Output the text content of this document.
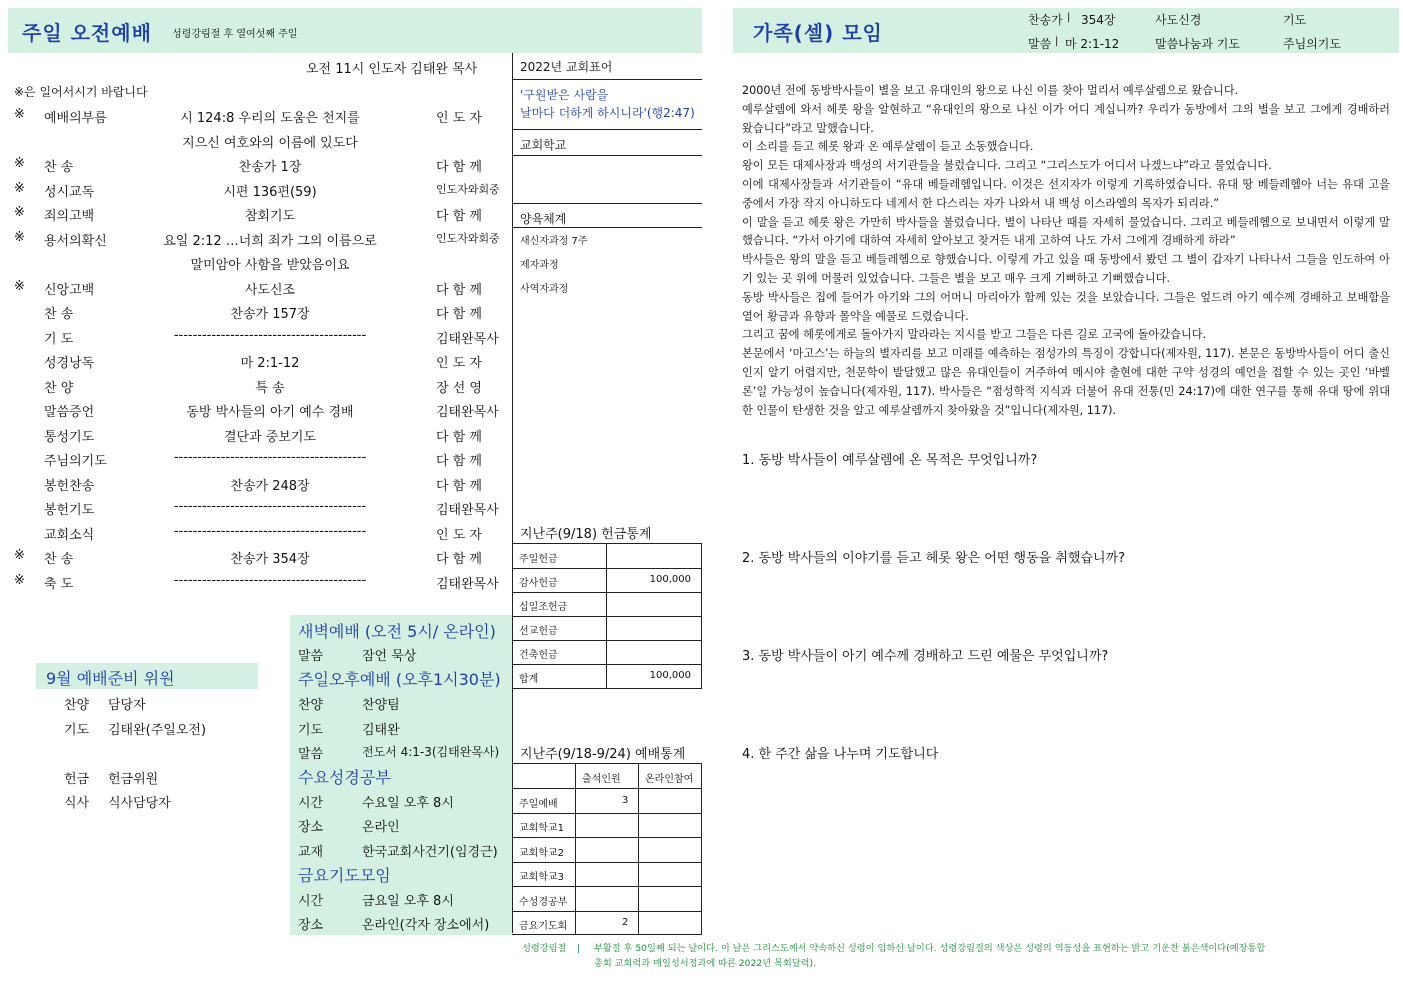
주일 오전예배 성령강림절 후 열여섯째 주일
오전 11시 인도자 김태완 목사
※은 일어서시기 바랍니다
※ 예배의부름	시 124:8 우리의 도움은 천지를	인 도 자
지으신 여호와의 이름에 있도다
※ 찬 송	찬송가 1장	다 함 께
※ 성시교독	시편 136편(59)	인도자와회중
※ 죄의고백	참회기도	다 함 께
※ 용서의확신	요일 2:12 …너희 죄가 그의 이름으로	인도자와회중
말미암아 사함을 받았음이요
※ 신앙고백	사도신조	다 함 께
찬 송	찬송가 157장	다 함 께
기 도	-----------------------------------------	김태완목사
성경낭독	마 2:1-12	인 도 자
찬 양	특 송	장 선 영
말씀증언	동방 박사들의 아기 예수 경배	김태완목사
통성기도	결단과 중보기도	다 함 께
주님의기도	-----------------------------------------	다 함 께
봉헌찬송	찬송가 248장	다 함 께
봉헌기도	-----------------------------------------	김태완목사
교회소식	-----------------------------------------	인 도 자
※ 찬 송	찬송가 354장	다 함 께
※ 축 도	-----------------------------------------	김태완목사
2022년 교회표어
'구원받은 사람을
날마다 더하게 하시니라'(행2:47)
교회학교
양육체계
새신자과정 7주
제자과정
사역자과정
지난주(9/18) 헌금통계
주일헌금
감사헌금	100,000
십일조헌금
선교헌금
건축헌금
합계	100,000
지난주(9/18-9/24) 예배통계
출석인원 온라인참여
주일예배	3
교회학교1
교회학교2
교회학교3
수성경공부
금요기도회	2
새벽예배 (오전 5시/ 온라인)
말씀	잠언 묵상
주일오후예배 (오후1시30분)
찬양	찬양팀
기도	김태완
말씀	전도서 4:1-3(김태완목사)
수요성경공부
시간	수요일 오후 8시
장소	온라인
교재	한국교회사건기(임경근)
금요기도모임
시간	금요일 오후 8시
장소	온라인(각자 장소에서)
9월 예배준비 위원
찬양 담당자
기도 김태완(주일오전)
헌금 헌금위원
식사 식사담당자
가족(셀) 모임
찬송가 | 354장	사도신경	기도
말씀 | 마 2:1-12	말씀나눔과 기도	주님의기도

2000년 전에 동방박사들이 별을 보고 유대인의 왕으로 나신 이를 찾아 멀리서 예루살렘으로 왔습니다.

예루살렘에 와서 헤롯 왕을 알현하고 “유대인의 왕으로 나신 이가 어디 계십니까? 우리가 동방에서 그의 별을 보고 그에게 경배하러 왔습니다”라고 말했습니다.

이 소리를 듣고 헤롯 왕과 온 예루살렘이 듣고 소동했습니다.

왕이 모든 대제사장과 백성의 서기관들을 불렀습니다. 그리고 “그리스도가 어디서 나겠느냐”라고 물었습니다.

이에 대제사장들과 서기관들이 “유대 베들레헴입니다. 이것은 선지자가 이렇게 기록하였습니다. 유대 땅 베들레헴아 너는 유대 고을 중에서 가장 작지 아니하도다 네게서 한 다스리는 자가 나와서 내 백성 이스라엘의 목자가 되리라.”

이 말을 듣고 헤롯 왕은 가만히 박사들을 불렀습니다. 별이 나타난 때를 자세히 물었습니다. 그리고 베들레헴으로 보내면서 이렇게 말했습니다. “가서 아기에 대하여 자세히 알아보고 찾거든 내게 고하여 나도 가서 그에게 경배하게 하라”

박사들은 왕의 말을 듣고 베들레헴으로 향했습니다. 이렇게 가고 있을 때 동방에서 봤던 그 별이 갑자기 나타나서 그들을 인도하여 아기 있는 곳 위에 머물러 있었습니다. 그들은 별을 보고 매우 크게 기뻐하고 기뻐했습니다.

동방 박사들은 집에 들어가 아기와 그의 어머니 마리아가 함께 있는 것을 보았습니다. 그들은 엎드려 아기 예수께 경배하고 보배함을 열어 황금과 유향과 몰약을 예물로 드렸습니다.

그리고 꿈에 헤롯에게로 돌아가지 말라라는 지시를 받고 그들은 다른 길로 고국에 돌아갔습니다.

본문에서 ‘마고스’는 하늘의 별자리를 보고 미래를 예측하는 점성가의 특징이 강합니다(제자원, 117). 본문은 동방박사들이 어디 출신인지 알기 어렵지만, 천문학이 발달했고 많은 유대인들이 거주하여 메시야 출현에 대한 구약 성경의 예언을 접할 수 있는 곳인 ‘바벨론’일 가능성이 높습니다(제자원, 117). 박사들은 “점성학적 지식과 더불어 유대 전통(민 24:17)에 대한 연구를 통해 유대 땅에 위대한 인물이 탄생한 것을 알고 예루살렘까지 찾아왔을 것”입니다(제자원, 117).

1. 동방 박사들이 예루살렘에 온 목적은 무엇입니까?
2. 동방 박사들의 이야기를 듣고 헤롯 왕은 어떤 행동을 취했습니까?
3. 동방 박사들이 아기 예수께 경배하고 드린 예물은 무엇입니까?
4. 한 주간 삶을 나누며 기도합니다
성령강림절 | 부활절 후 50일째 되는 날이다. 이 날은 그리스도께서 약속하신 성령이 임하신 날이다. 성령강림절의 색상은 성령의 역동성을 표현하는 밝고 기운찬 붉은색이다(예장통합
총회 교회력과 매일성서정과에 따른 2022년 목회달력).
